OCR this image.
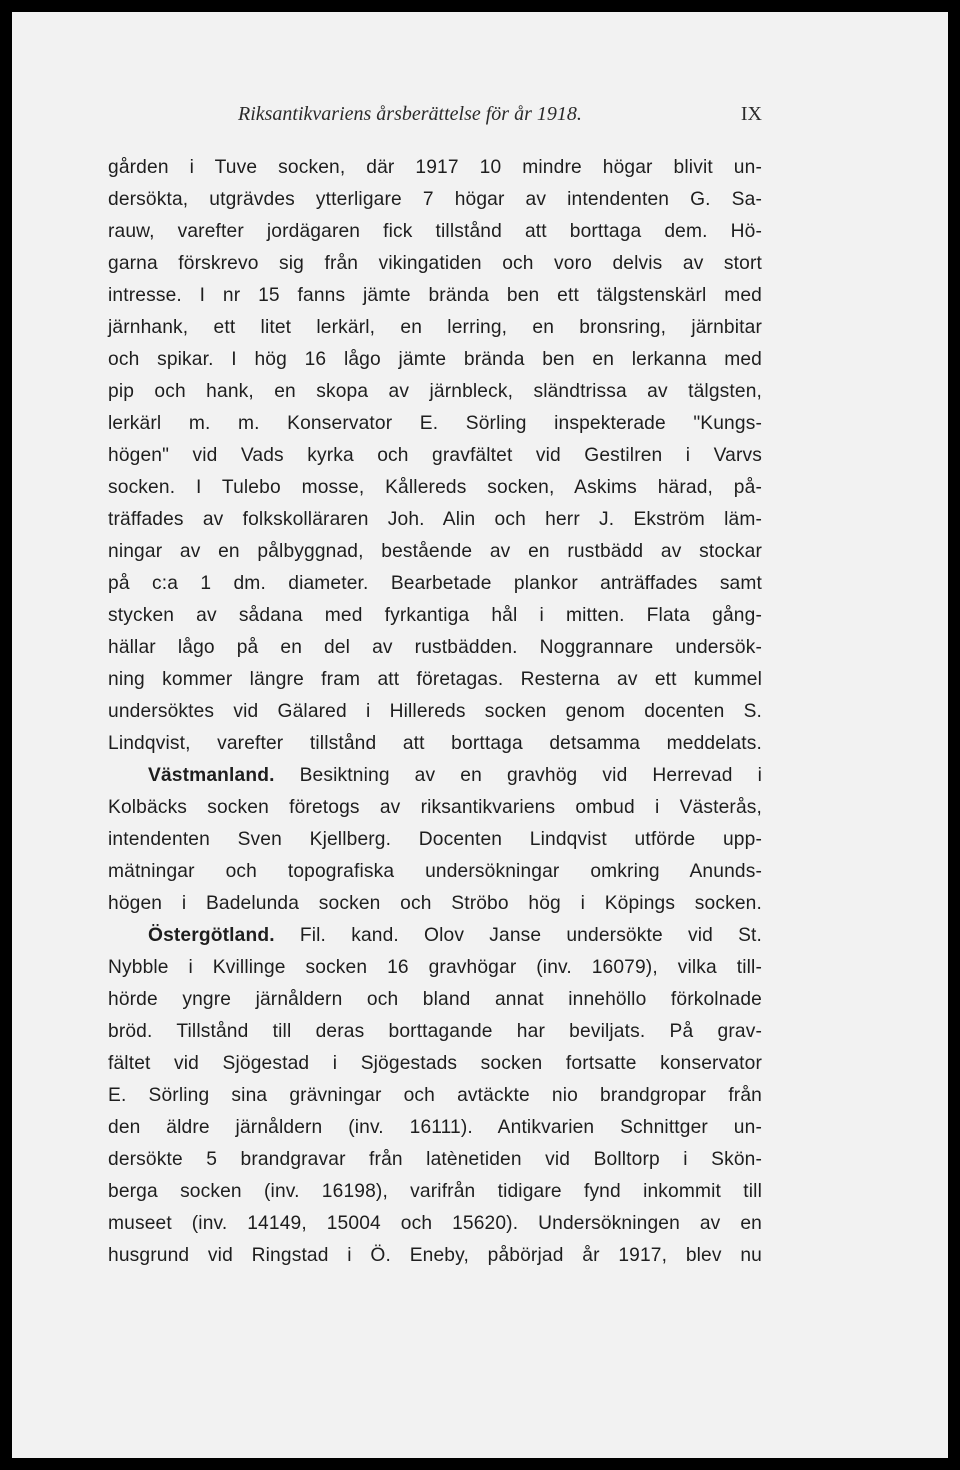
Riksantikvariens årsberättelse för år 1918.	IX
gården i Tuve socken, där 1917 10 mindre högar blivit un-
dersökta, utgrävdes ytterligare 7 högar av intendenten G. Sa-
rauw, varefter jordägaren fick tillstånd att borttaga dem. Hö-
garna förskrevo sig från vikingatiden och voro delvis av stort
intresse. I nr 15 fanns jämte brända ben ett tälgstenskärl med
järnhank, ett litet lerkärl, en lerring, en bronsring, järnbitar
och spikar. I hög 16 lågo jämte brända ben en lerkanna med
pip och hank, en skopa av järnbleck, sländtrissa av tälgsten,
lerkärl m. m. Konservator E. Sörling inspekterade "Kungs-
högen" vid Vads kyrka och gravfältet vid Gestilren i Varvs
socken. I Tulebo mosse, Kållereds socken, Askims härad, på-
träffades av folkskolläraren Joh. Alin och herr J. Ekström läm-
ningar av en pålbyggnad, bestående av en rustbädd av stockar
på c:a 1 dm. diameter. Bearbetade plankor anträffades samt
stycken av sådana med fyrkantiga hål i mitten. Flata gång-
hällar lågo på en del av rustbädden. Noggrannare undersök-
ning kommer längre fram att företagas. Resterna av ett kummel
undersöktes vid Gälared i Hillereds socken genom docenten S.
Lindqvist, varefter tillstånd att borttaga detsamma meddelats.
Västmanland. Besiktning av en gravhög vid Herrevad i
Kolbäcks socken företogs av riksantikvariens ombud i Västerås,
intendenten Sven Kjellberg. Docenten Lindqvist utförde upp-
mätningar och topografiska undersökningar omkring Anunds-
högen i Badelunda socken och Ströbo hög i Köpings socken.
Östergötland. Fil. kand. Olov Janse undersökte vid St.
Nybble i Kvillinge socken 16 gravhögar (inv. 16079), vilka till-
hörde yngre järnåldern och bland annat innehöllo förkolnade
bröd. Tillstånd till deras borttagande har beviljats. På grav-
fältet vid Sjögestad i Sjögestads socken fortsatte konservator
E. Sörling sina grävningar och avtäckte nio brandgropar från
den äldre järnåldern (inv. 16111). Antikvarien Schnittger un-
dersökte 5 brandgravar från latènetiden vid Bolltorp i Skön-
berga socken (inv. 16198), varifrån tidigare fynd inkommit till
museet (inv. 14149, 15004 och 15620). Undersökningen av en
husgrund vid Ringstad i Ö. Eneby, påbörjad år 1917, blev nu
